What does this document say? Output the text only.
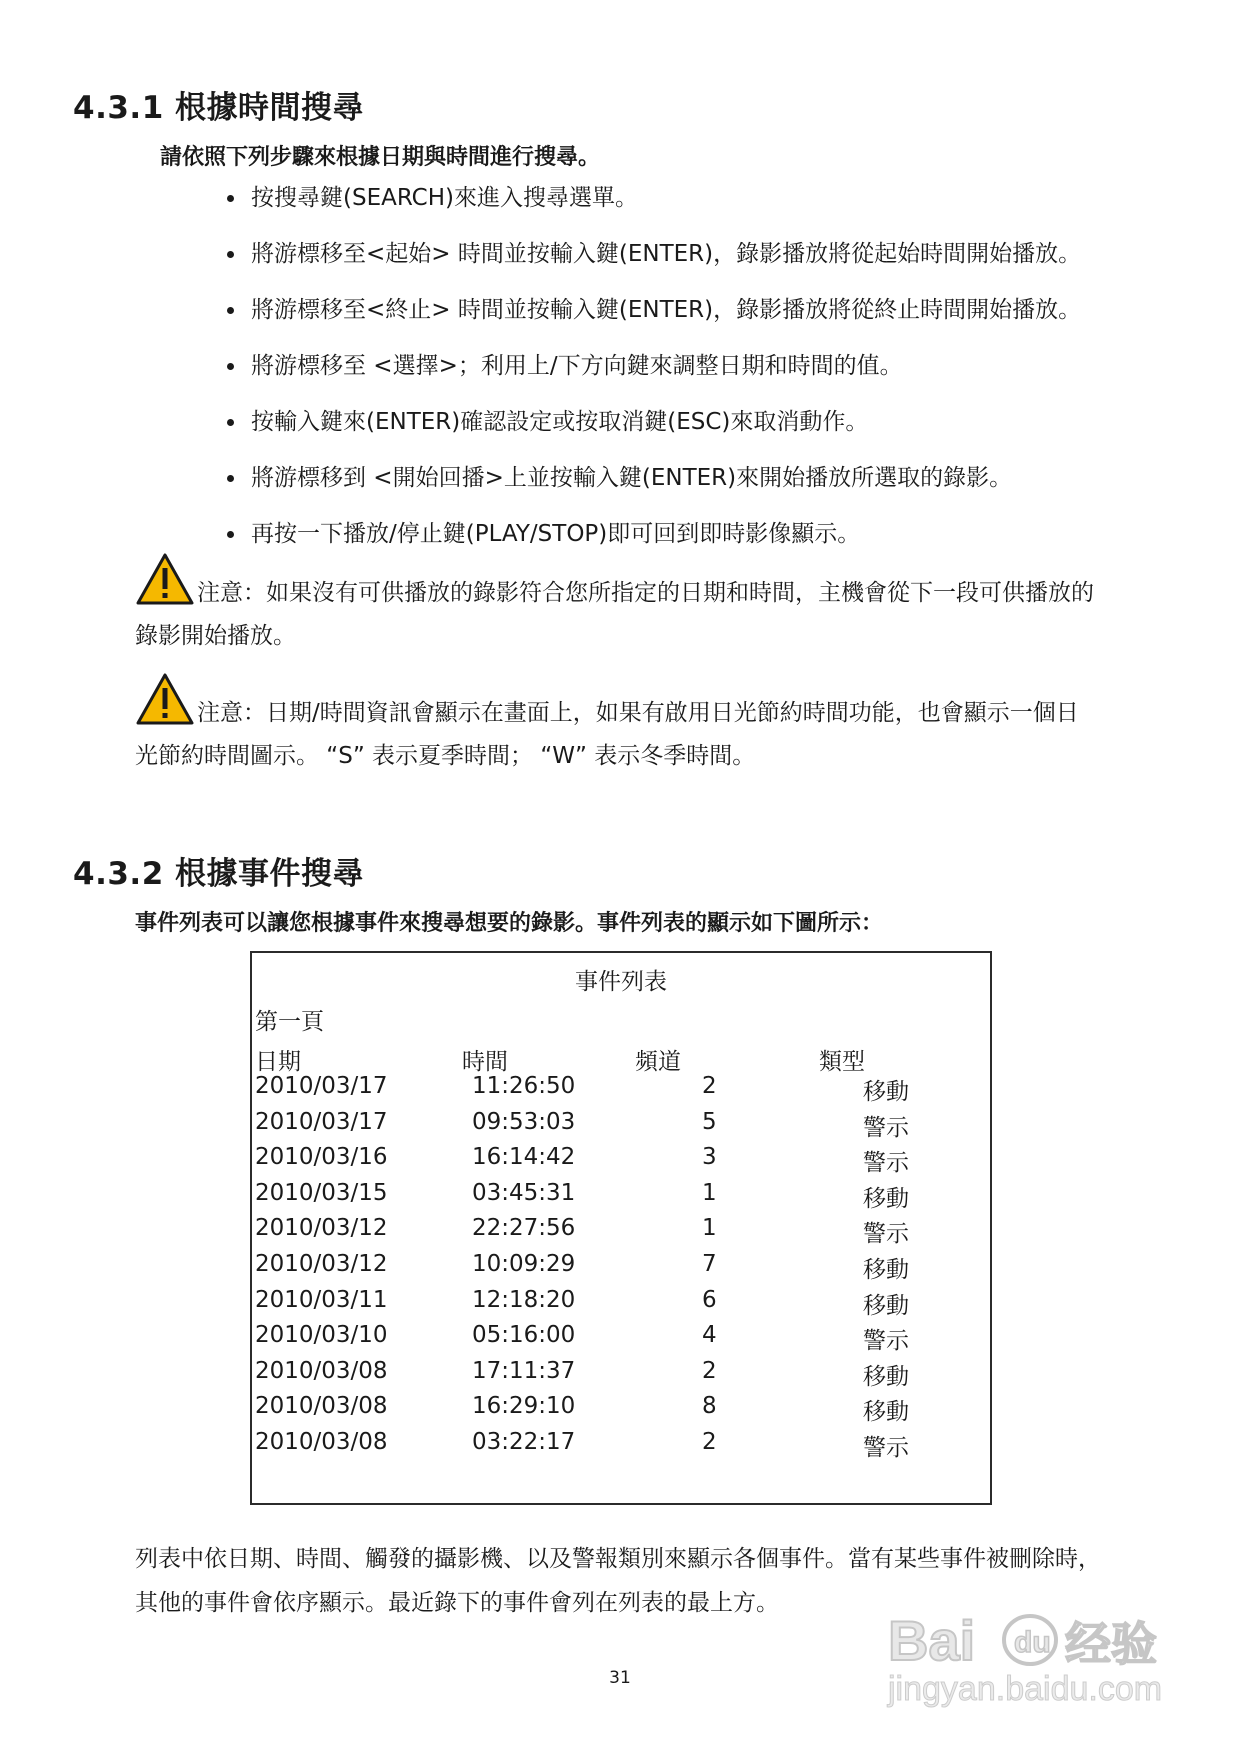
4.3.1 根據時間搜尋
請依照下列步驟來根據日期與時間進行搜尋。
按搜尋鍵(SEARCH)來進入搜尋選單。
將游標移至<起始> 時間並按輸入鍵(ENTER)，錄影播放將從起始時間開始播放。
將游標移至<終止> 時間並按輸入鍵(ENTER)，錄影播放將從終止時間開始播放。
將游標移至 <選擇>；利用上/下方向鍵來調整日期和時間的值。
按輸入鍵來(ENTER)確認設定或按取消鍵(ESC)來取消動作。
將游標移到 <開始回播>上並按輸入鍵(ENTER)來開始播放所選取的錄影。
再按一下播放/停止鍵(PLAY/STOP)即可回到即時影像顯示。
注意：如果沒有可供播放的錄影符合您所指定的日期和時間，主機會從下一段可供播放的
錄影開始播放。
注意：日期/時間資訊會顯示在畫面上，如果有啟用日光節約時間功能，也會顯示一個日
光節約時間圖示。 “S” 表示夏季時間； “W” 表示冬季時間。
4.3.2 根據事件搜尋
事件列表可以讓您根據事件來搜尋想要的錄影。事件列表的顯示如下圖所示：
事件列表
第一頁
日期	時間	頻道	類型
2010/03/17	11:26:50	2	移動
2010/03/17	09:53:03	5	警示
2010/03/16	16:14:42	3	警示
2010/03/15	03:45:31	1	移動
2010/03/12	22:27:56	1	警示
2010/03/12	10:09:29	7	移動
2010/03/11	12:18:20	6	移動
2010/03/10	05:16:00	4	警示
2010/03/08	17:11:37	2	移動
2010/03/08	16:29:10	8	移動
2010/03/08	03:22:17	2	警示
列表中依日期、時間、觸發的攝影機、以及警報類別來顯示各個事件。當有某些事件被刪除時，
其他的事件會依序顯示。最近錄下的事件會列在列表的最上方。
31
Bai du 经验
jingyan.baidu.com
